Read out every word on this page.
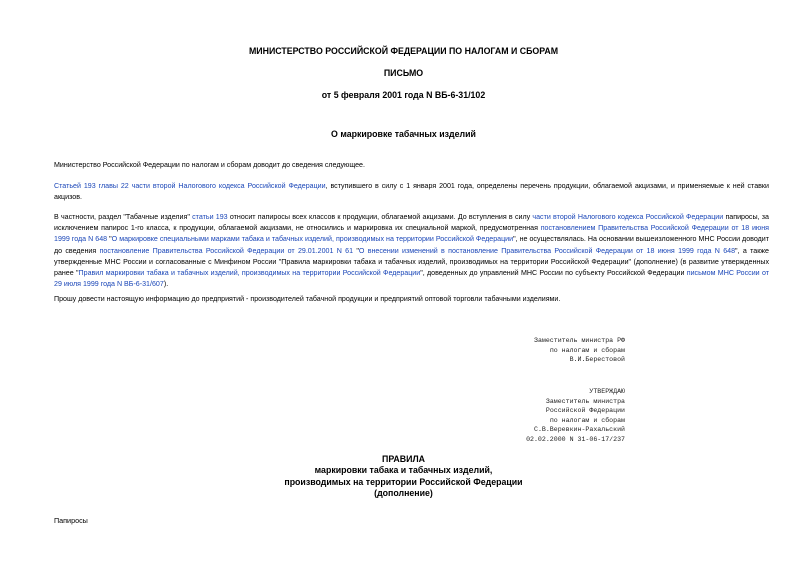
МИНИСТЕРСТВО РОССИЙСКОЙ ФЕДЕРАЦИИ ПО НАЛОГАМ И СБОРАМ
ПИСЬМО
от 5 февраля 2001 года N ВБ-6-31/102
О маркировке табачных изделий
Министерство Российской Федерации по налогам и сборам доводит до сведения следующее.
Статьей 193 главы 22 части второй Налогового кодекса Российской Федерации, вступившего в силу с 1 января 2001 года, определены перечень продукции, облагаемой акцизами, и применяемые к ней ставки акцизов.
В частности, раздел "Табачные изделия" статьи 193 относит папиросы всех классов к продукции, облагаемой акцизами. До вступления в силу части второй Налогового кодекса Российской Федерации папиросы, за исключением папирос 1-го класса, к продукции, облагаемой акцизами, не относились и маркировка их специальной маркой, предусмотренная постановлением Правительства Российской Федерации от 18 июня 1999 года N 648 "О маркировке специальными марками табака и табачных изделий, производимых на территории Российской Федерации", не осуществлялась. На основании вышеизложенного МНС России доводит до сведения постановление Правительства Российской Федерации от 29.01.2001 N 61 "О внесении изменений в постановление Правительства Российской Федерации от 18 июня 1999 года N 648", а также утвержденные МНС России и согласованные с Минфином России "Правила маркировки табака и табачных изделий, производимых на территории Российской Федерации" (дополнение) (в развитие утвержденных ранее "Правил маркировки табака и табачных изделий, производимых на территории Российской Федерации", доведенных до управлений МНС России по субъекту Российской Федерации письмом МНС России от 29 июля 1999 года N ВБ-6-31/607).
Прошу довести настоящую информацию до предприятий - производителей табачной продукции и предприятий оптовой торговли табачными изделиями.
Заместитель министра РФ
по налогам и сборам
В.И.Берестовой
УТВЕРЖДАЮ
Заместитель министра
Российской Федерации
по налогам и сборам
С.В.Веревкин-Рахальский
02.02.2000 N 31-06-17/237
ПРАВИЛА
маркировки табака и табачных изделий,
производимых на территории Российской Федерации
(дополнение)
Папиросы
